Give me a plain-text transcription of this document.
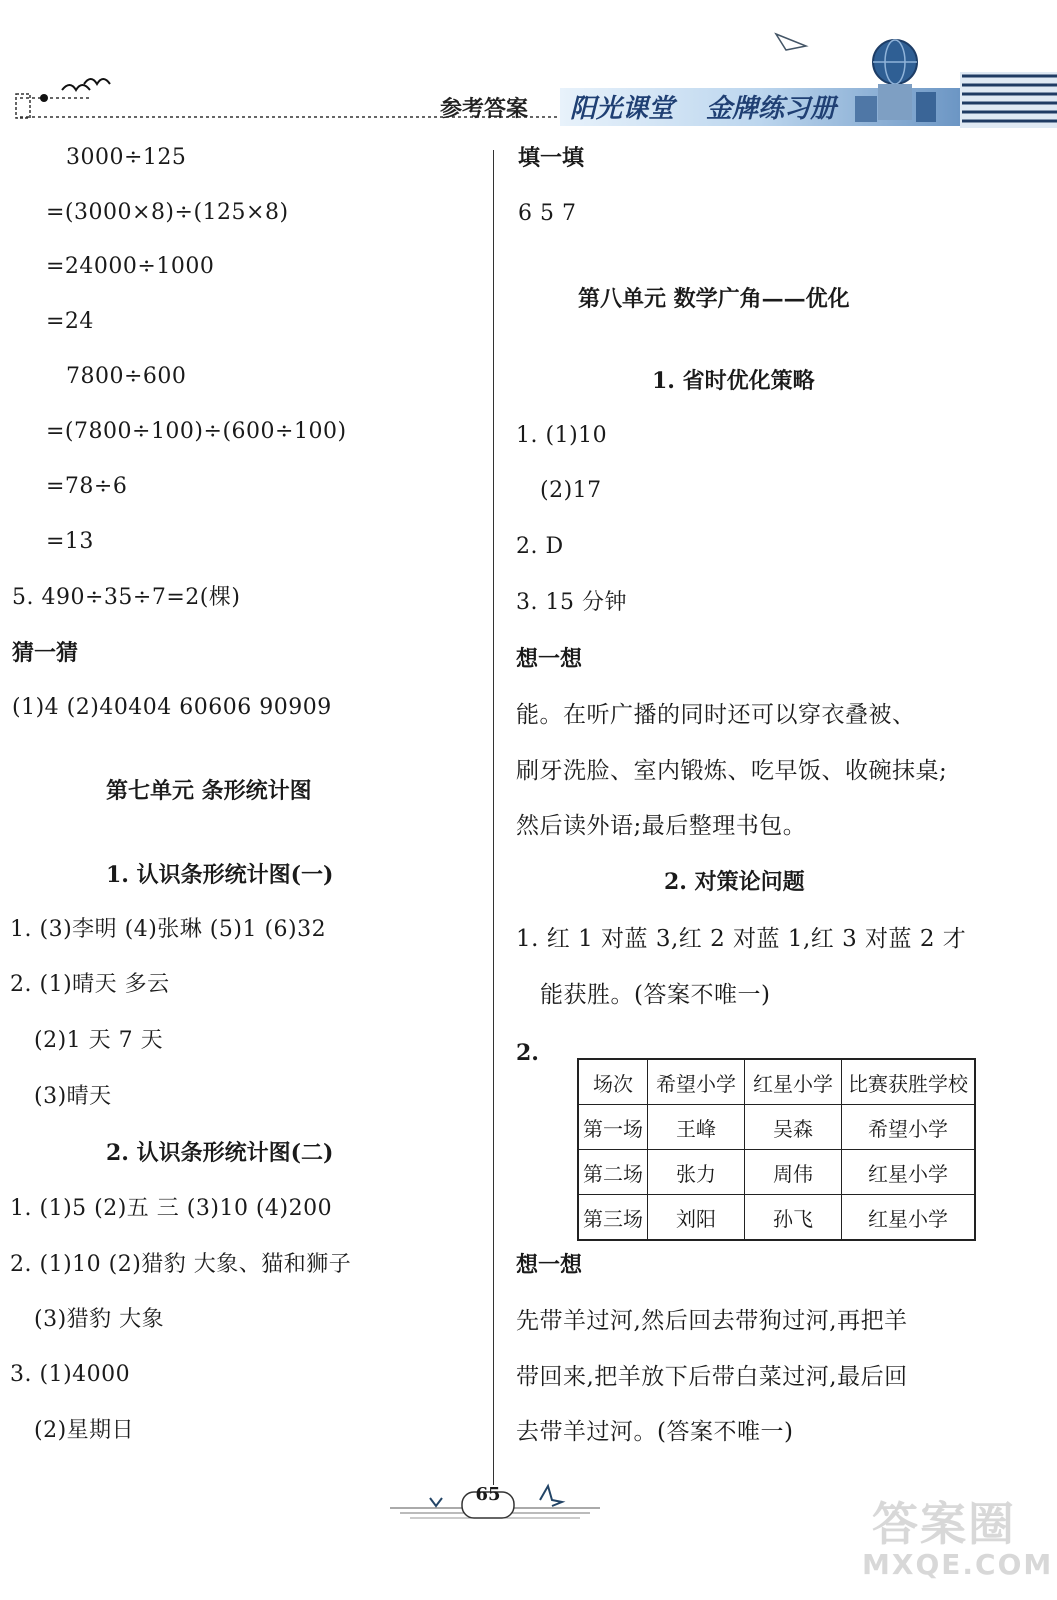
参考答案 阳光课堂 金牌练习册
3000÷125
=(3000×8)÷(125×8)
=24000÷1000
=24
7800÷600
=(7800÷100)÷(600÷100)
=78÷6
=13
5. 490÷35÷7=2(棵)
猜一猜
(1)4 (2)40404 60606 90909
第七单元 条形统计图
1. 认识条形统计图(一)
1. (3)李明 (4)张琳 (5)1 (6)32
2. (1)晴天 多云
(2)1 天 7 天
(3)晴天
2. 认识条形统计图(二)
1. (1)5 (2)五 三 (3)10 (4)200
2. (1)10 (2)猎豹 大象、猫和狮子
(3)猎豹 大象
3. (1)4000
(2)星期日
填一填
6 5 7
第八单元 数学广角——优化
1. 省时优化策略
1. (1)10
(2)17
2. D
3. 15 分钟
想一想
能。在听广播的同时还可以穿衣叠被、
刷牙洗脸、室内锻炼、吃早饭、收碗抹桌;
然后读外语;最后整理书包。
2. 对策论问题
1. 红 1 对蓝 3,红 2 对蓝 1,红 3 对蓝 2 才
能获胜。(答案不唯一)
2.
场次	希望小学	红星小学	比赛获胜学校
第一场	王峰	吴森	希望小学
第二场	张力	周伟	红星小学
第三场	刘阳	孙飞	红星小学
想一想
先带羊过河,然后回去带狗过河,再把羊
带回来,把羊放下后带白菜过河,最后回
去带羊过河。(答案不唯一)
65
答案圈
MXQE.COM
